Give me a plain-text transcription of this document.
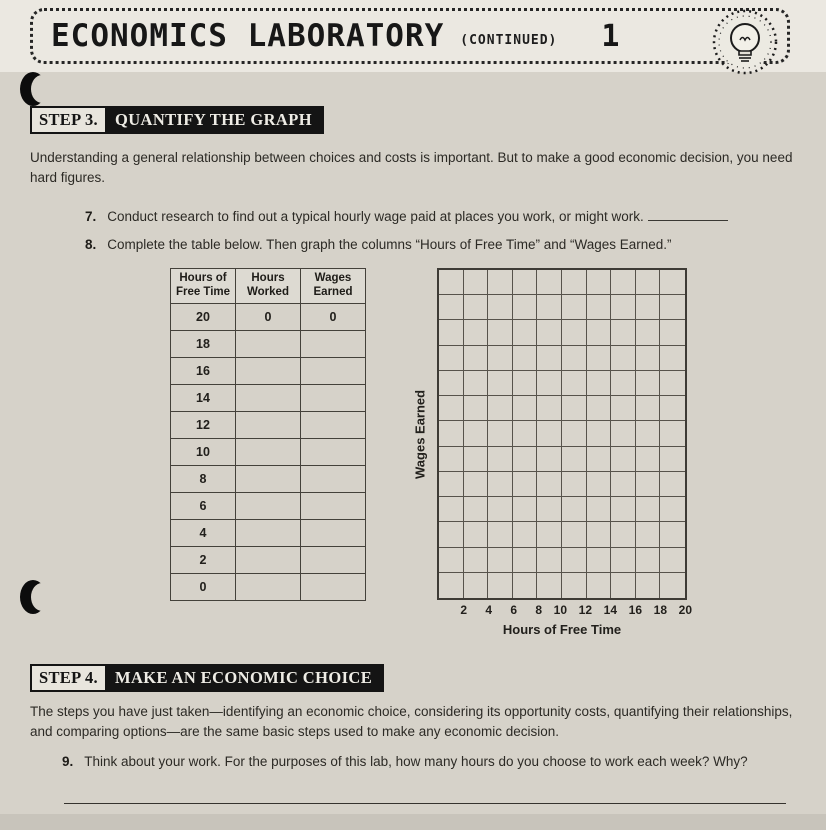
ECONOMICS LABORATORY (CONTINUED) 1
STEP 3.	QUANTIFY THE GRAPH

Understanding a general relationship between choices and costs is important. But to make a good economic decision, you need hard figures.

7. Conduct research to find out a typical hourly wage paid at places you work, or might work.
8. Complete the table below. Then graph the columns “Hours of Free Time” and “Wages Earned.”
Hours of Free Time	Hours Worked	Wages Earned
20	0	0
18		
16		
14		
12		
10		
8		
6		
4		
2		
0		
Wages Earned
2	4	6	8 10 12 14 16 18 20
Hours of Free Time
STEP 4.	MAKE AN ECONOMIC CHOICE

The steps you have just taken—identifying an economic choice, considering its opportunity costs, quantifying their relationships, and comparing options—are the same basic steps used to make any economic decision.

9. Think about your work. For the purposes of this lab, how many hours do you choose to work each week? Why?
